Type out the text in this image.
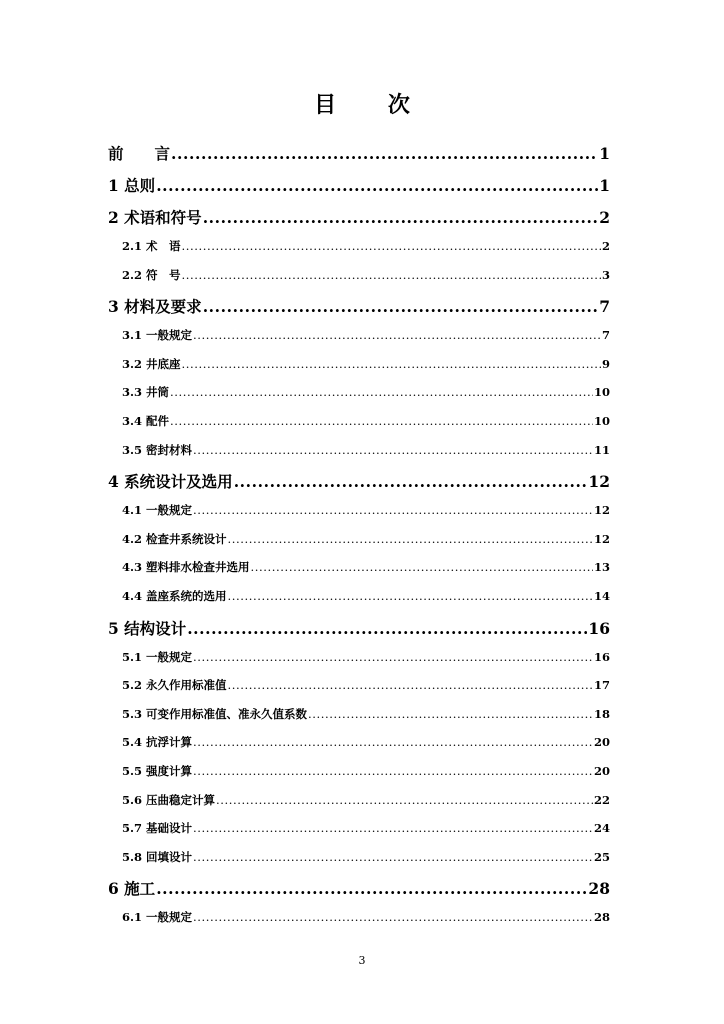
目 次
前　　言 .....	1
1 总则 .....	1
2 术语和符号 .....	2
2.1 术　语 .....	2
2.2 符　号 .....	3
3 材料及要求 .....	7
3.1 一般规定 .....	7
3.2 井底座 .....	9
3.3 井筒 .....	10
3.4 配件 .....	10
3.5 密封材料 .....	11
4 系统设计及选用 .....	12
4.1 一般规定 .....	12
4.2 检查井系统设计 .....	12
4.3 塑料排水检查井选用 .....	13
4.4 盖座系统的选用 .....	14
5 结构设计 .....	16
5.1 一般规定 .....	16
5.2 永久作用标准值 .....	17
5.3 可变作用标准值、准永久值系数 .....	18
5.4 抗浮计算 .....	20
5.5 强度计算 .....	20
5.6 压曲稳定计算 .....	22
5.7 基础设计 .....	24
5.8 回填设计 .....	25
6 施工 .....	28
6.1 一般规定 .....	28
3
